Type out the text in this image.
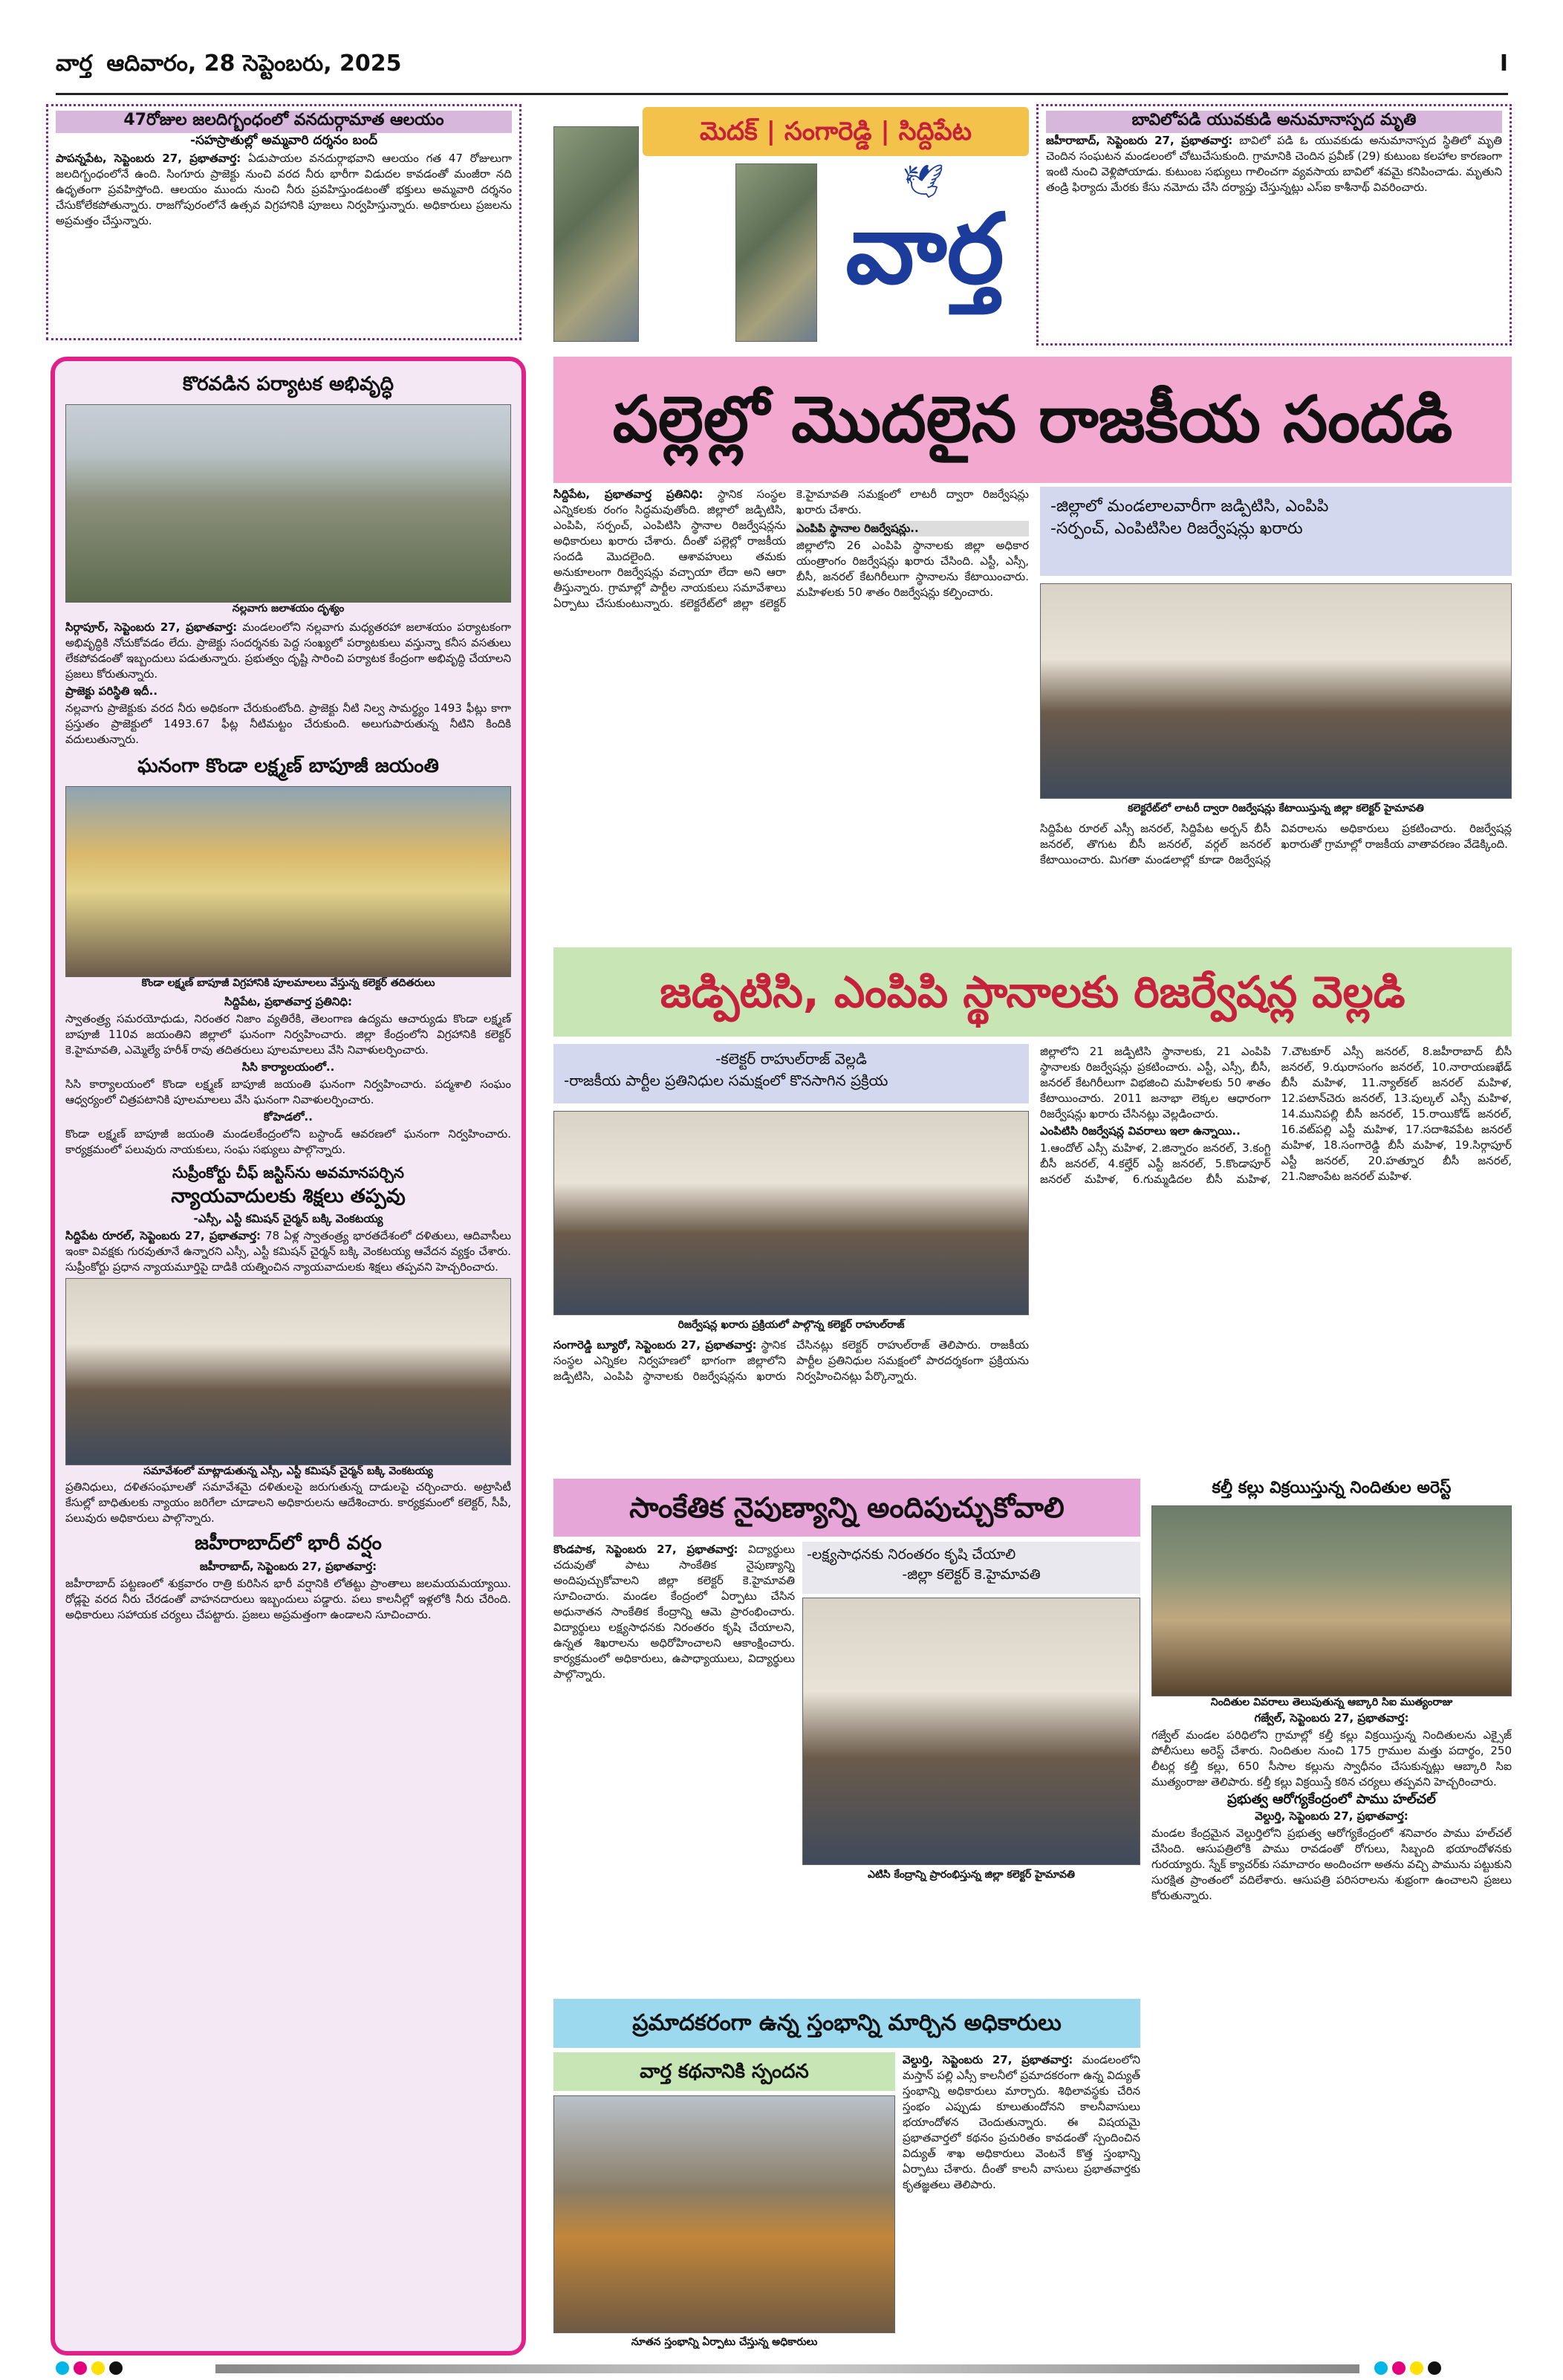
వార్త ఆదివారం, 28 సెప్టెంబరు, 2025	I
47రోజుల జలదిగ్బంధంలో వనదుర్గామాత ఆలయం
-సహస్రాతుల్లో అమ్మవారి దర్శనం బంద్
పాపన్నపేట, సెప్టెంబరు 27, ప్రభాతవార్త: ఏడుపాయల వనదుర్గాభవాని ఆలయం గత 47 రోజులుగా జలదిగ్బంధంలోనే ఉంది. సింగూరు ప్రాజెక్టు నుంచి వరద నీరు భారీగా విడుదల కావడంతో మంజీరా నది ఉధృతంగా ప్రవహిస్తోంది. ఆలయం ముందు నుంచి నీరు ప్రవహిస్తుండటంతో భక్తులు అమ్మవారి దర్శనం చేసుకోలేకపోతున్నారు. రాజగోపురంలోనే ఉత్సవ విగ్రహానికి పూజలు నిర్వహిస్తున్నారు. అధికారులు ప్రజలను అప్రమత్తం చేస్తున్నారు.
మెదక్ | సంగారెడ్డి | సిద్దిపేట
వార్త
🕊
బావిలోపడి యువకుడి అనుమానాస్పద మృతి
జహీరాబాద్, సెప్టెంబరు 27, ప్రభాతవార్త: బావిలో పడి ఓ యువకుడు అనుమానాస్పద స్థితిలో మృతి చెందిన సంఘటన మండలంలో చోటుచేసుకుంది. గ్రామానికి చెందిన ప్రవీణ్ (29) కుటుంబ కలహాల కారణంగా ఇంటి నుంచి వెళ్లిపోయాడు. కుటుంబ సభ్యులు గాలించగా వ్యవసాయ బావిలో శవమై కనిపించాడు. మృతుని తండ్రి ఫిర్యాదు మేరకు కేసు నమోదు చేసి దర్యాప్తు చేస్తున్నట్లు ఎస్ఐ కాశీనాథ్ వివరించారు.
కొరవడిన పర్యాటక అభివృద్ధి
నల్లవాగు జలాశయం దృశ్యం

సిర్గాపూర్, సెప్టెంబరు 27, ప్రభాతవార్త: మండలంలోని నల్లవాగు మధ్యతరహా జలాశయం పర్యాటకంగా అభివృద్ధికి నోచుకోవడం లేదు. ప్రాజెక్టు సందర్శనకు పెద్ద సంఖ్యలో పర్యాటకులు వస్తున్నా కనీస వసతులు లేకపోవడంతో ఇబ్బందులు పడుతున్నారు. ప్రభుత్వం దృష్టి సారించి పర్యాటక కేంద్రంగా అభివృద్ధి చేయాలని ప్రజలు కోరుతున్నారు.

ప్రాజెక్టు పరిస్థితి ఇదీ..

నల్లవాగు ప్రాజెక్టుకు వరద నీరు అధికంగా చేరుకుంటోంది. ప్రాజెక్టు నీటి నిల్వ సామర్థ్యం 1493 ఫీట్లు కాగా ప్రస్తుతం ప్రాజెక్టులో 1493.67 ఫీట్ల నీటిమట్టం చేరుకుంది. అలుగుపారుతున్న నీటిని కిందికి వదులుతున్నారు.

ఘనంగా కొండా లక్ష్మణ్ బాపూజీ జయంతి
కొండా లక్ష్మణ్ బాపూజీ విగ్రహానికి పూలమాలలు వేస్తున్న కలెక్టర్ తదితరులు

సిద్దిపేట, ప్రభాతవార్త ప్రతినిధి:

స్వాతంత్ర్య సమరయోధుడు, నిరంతర నిజాం వ్యతిరేకి, తెలంగాణ ఉద్యమ ఆచార్యుడు కొండా లక్ష్మణ్ బాపూజీ 110వ జయంతిని జిల్లాలో ఘనంగా నిర్వహించారు. జిల్లా కేంద్రంలోని విగ్రహానికి కలెక్టర్ కె.హైమావతి, ఎమ్మెల్యే హరీశ్ రావు తదితరులు పూలమాలలు వేసి నివాళులర్పించారు.

సిసి కార్యాలయంలో..

సిసి కార్యాలయంలో కొండా లక్ష్మణ్ బాపూజీ జయంతి ఘనంగా నిర్వహించారు. పద్మశాలి సంఘం ఆధ్వర్యంలో చిత్రపటానికి పూలమాలలు వేసి ఘనంగా నివాళులర్పించారు.

కోహెడలో..

కొండా లక్ష్మణ్ బాపూజీ జయంతి మండలకేంద్రంలోని బస్టాండ్ ఆవరణలో ఘనంగా నిర్వహించారు. కార్యక్రమంలో పలువురు నాయకులు, సంఘ సభ్యులు పాల్గొన్నారు.

సుప్రీంకోర్టు చీఫ్ జస్టిస్‌ను అవమానపర్చిన
న్యాయవాదులకు శిక్షలు తప్పవు
-ఎస్సీ, ఎస్టీ కమిషన్ చైర్మన్ బక్కి వెంకటయ్య

సిద్దిపేట రూరల్, సెప్టెంబరు 27, ప్రభాతవార్త: 78 ఏళ్ల స్వాతంత్ర్య భారతదేశంలో దళితులు, ఆదివాసీలు ఇంకా వివక్షకు గురవుతూనే ఉన్నారని ఎస్సీ, ఎస్టీ కమిషన్ చైర్మన్ బక్కి వెంకటయ్య ఆవేదన వ్యక్తం చేశారు. సుప్రీంకోర్టు ప్రధాన న్యాయమూర్తిపై దాడికి యత్నించిన న్యాయవాదులకు శిక్షలు తప్పవని హెచ్చరించారు.

సమావేశంలో మాట్లాడుతున్న ఎస్సీ, ఎస్టీ కమిషన్ చైర్మన్ బక్కి వెంకటయ్య

ప్రతినిధులు, దళితసంఘాలతో సమావేశమై దళితులపై జరుగుతున్న దాడులపై చర్చించారు. అట్రాసిటీ కేసుల్లో బాధితులకు న్యాయం జరిగేలా చూడాలని అధికారులను ఆదేశించారు. కార్యక్రమంలో కలెక్టర్, సీపీ, పలువురు అధికారులు పాల్గొన్నారు.

జహీరాబాద్‌లో భారీ వర్షం

జహీరాబాద్, సెప్టెంబరు 27, ప్రభాతవార్త:

జహీరాబాద్ పట్టణంలో శుక్రవారం రాత్రి కురిసిన భారీ వర్షానికి లోతట్టు ప్రాంతాలు జలమయమయ్యాయి. రోడ్లపై వరద నీరు చేరడంతో వాహనదారులు ఇబ్బందులు పడ్డారు. పలు కాలనీల్లో ఇళ్లలోకి నీరు చేరింది. అధికారులు సహాయక చర్యలు చేపట్టారు. ప్రజలు అప్రమత్తంగా ఉండాలని సూచించారు.

పల్లెల్లో మొదలైన రాజకీయ సందడి
సిద్దిపేట, ప్రభాతవార్త ప్రతినిధి: స్థానిక సంస్థల ఎన్నికలకు రంగం సిద్ధమవుతోంది. జిల్లాలో జడ్పిటిసి, ఎంపిపి, సర్పంచ్, ఎంపిటిసి స్థానాల రిజర్వేషన్లను అధికారులు ఖరారు చేశారు. దీంతో పల్లెల్లో రాజకీయ సందడి మొదలైంది. ఆశావహులు తమకు అనుకూలంగా రిజర్వేషన్లు వచ్చాయా లేదా అని ఆరా తీస్తున్నారు. గ్రామాల్లో పార్టీల నాయకులు సమావేశాలు ఏర్పాటు చేసుకుంటున్నారు. కలెక్టరేట్‌లో జిల్లా కలెక్టర్ కె.హైమావతి సమక్షంలో లాటరీ ద్వారా రిజర్వేషన్లు ఖరారు చేశారు.

ఎంపిపి స్థానాల రిజర్వేషన్లు..

జిల్లాలోని 26 ఎంపిపి స్థానాలకు జిల్లా అధికార యంత్రాంగం రిజర్వేషన్లు ఖరారు చేసింది. ఎస్టీ, ఎస్సీ, బీసీ, జనరల్ కేటగిరీలుగా స్థానాలను కేటాయించారు. మహిళలకు 50 శాతం రిజర్వేషన్లు కల్పించారు.

-జిల్లాలో మండలాలవారీగా జడ్పిటిసి, ఎంపిపి
-సర్పంచ్, ఎంపిటిసిల రిజర్వేషన్లు ఖరారు
కలెక్టరేట్‌లో లాటరీ ద్వారా రిజర్వేషన్లు కేటాయిస్తున్న జిల్లా కలెక్టర్ హైమావతి
సిద్దిపేట రూరల్ ఎస్సీ జనరల్, సిద్దిపేట అర్బన్ బీసీ జనరల్, తొగుట బీసీ జనరల్, వర్గల్ జనరల్ కేటాయించారు. మిగతా మండలాల్లో కూడా రిజర్వేషన్ల వివరాలను అధికారులు ప్రకటించారు. రిజర్వేషన్ల ఖరారుతో గ్రామాల్లో రాజకీయ వాతావరణం వేడెక్కింది.
జడ్పిటిసి, ఎంపిపి స్థానాలకు రిజర్వేషన్ల వెల్లడి
-కలెక్టర్ రాహుల్‌రాజ్ వెల్లడి
-రాజకీయ పార్టీల ప్రతినిధుల సమక్షంలో కొనసాగిన ప్రక్రియ
రిజర్వేషన్ల ఖరారు ప్రక్రియలో పాల్గొన్న కలెక్టర్ రాహుల్‌రాజ్
సంగారెడ్డి బ్యూరో, సెప్టెంబరు 27, ప్రభాతవార్త: స్థానిక సంస్థల ఎన్నికల నిర్వహణలో భాగంగా జిల్లాలోని జడ్పిటిసి, ఎంపిపి స్థానాలకు రిజర్వేషన్లను ఖరారు చేసినట్లు కలెక్టర్ రాహుల్‌రాజ్ తెలిపారు. రాజకీయ పార్టీల ప్రతినిధుల సమక్షంలో పారదర్శకంగా ప్రక్రియను నిర్వహించినట్లు పేర్కొన్నారు.

జిల్లాలోని 21 జడ్పిటిసి స్థానాలకు, 21 ఎంపిపి స్థానాలకు రిజర్వేషన్లు ప్రకటించారు. ఎస్టీ, ఎస్సీ, బీసీ, జనరల్ కేటగిరీలుగా విభజించి మహిళలకు 50 శాతం కేటాయించారు. 2011 జనాభా లెక్కల ఆధారంగా రిజర్వేషన్లు ఖరారు చేసినట్లు వెల్లడించారు.

ఎంపిటిసి రిజర్వేషన్ల వివరాలు ఇలా ఉన్నాయి..

1.ఆందోల్ ఎస్సీ మహిళ, 2.జిన్నారం జనరల్, 3.కంగ్టి బీసీ జనరల్, 4.కల్హేర్ ఎస్టీ జనరల్, 5.కొండాపూర్ జనరల్ మహిళ, 6.గుమ్మడిదల బీసీ మహిళ, 7.చౌటకూర్ ఎస్సీ జనరల్, 8.జహీరాబాద్ బీసీ జనరల్, 9.ఝరాసంగం జనరల్, 10.నారాయణఖేడ్ బీసీ మహిళ, 11.న్యాల్‌కల్ జనరల్ మహిళ, 12.పటాన్‌చెరు జనరల్, 13.పుల్కల్ ఎస్సీ మహిళ, 14.మునిపల్లి బీసీ జనరల్, 15.రాయికోడ్ జనరల్, 16.వట్‌పల్లి ఎస్టీ మహిళ, 17.సదాశివపేట జనరల్ మహిళ, 18.సంగారెడ్డి బీసీ మహిళ, 19.సిర్గాపూర్ ఎస్టీ జనరల్, 20.హత్నూర బీసీ జనరల్, 21.నిజాంపేట జనరల్ మహిళ.

సాంకేతిక నైపుణ్యాన్ని అందిపుచ్చుకోవాలి
-లక్ష్యసాధనకు నిరంతరం కృషి చేయాలి
-జిల్లా కలెక్టర్ కె.హైమావతి
కొండపాక, సెప్టెంబరు 27, ప్రభాతవార్త: విద్యార్థులు చదువుతో పాటు సాంకేతిక నైపుణ్యాన్ని అందిపుచ్చుకోవాలని జిల్లా కలెక్టర్ కె.హైమావతి సూచించారు. మండల కేంద్రంలో ఏర్పాటు చేసిన అధునాతన సాంకేతిక కేంద్రాన్ని ఆమె ప్రారంభించారు. విద్యార్థులు లక్ష్యసాధనకు నిరంతరం కృషి చేయాలని, ఉన్నత శిఖరాలను అధిరోహించాలని ఆకాంక్షించారు. కార్యక్రమంలో అధికారులు, ఉపాధ్యాయులు, విద్యార్థులు పాల్గొన్నారు.
ఎటిసి కేంద్రాన్ని ప్రారంభిస్తున్న జిల్లా కలెక్టర్ హైమావతి
కల్తీ కల్లు విక్రయిస్తున్న నిందితుల అరెస్ట్
నిందితుల వివరాలు తెలుపుతున్న ఆబ్కారి సిఐ ముత్యంరాజు

గజ్వేల్, సెప్టెంబరు 27, ప్రభాతవార్త:

గజ్వేల్ మండల పరిధిలోని గ్రామాల్లో కల్తీ కల్లు విక్రయిస్తున్న నిందితులను ఎక్సైజ్ పోలీసులు అరెస్ట్ చేశారు. నిందితుల నుంచి 175 గ్రాముల మత్తు పదార్థం, 250 లీటర్ల కల్తీ కల్లు, 650 సీసాల కల్లును స్వాధీనం చేసుకున్నట్లు ఆబ్కారి సిఐ ముత్యంరాజు తెలిపారు. కల్తీ కల్లు విక్రయిస్తే కఠిన చర్యలు తప్పవని హెచ్చరించారు.

ప్రభుత్వ ఆరోగ్యకేంద్రంలో పాము హల్‌చల్

వెల్దుర్తి, సెప్టెంబరు 27, ప్రభాతవార్త:

మండల కేంద్రమైన వెల్దుర్తిలోని ప్రభుత్వ ఆరోగ్యకేంద్రంలో శనివారం పాము హల్‌చల్ చేసింది. ఆసుపత్రిలోకి పాము రావడంతో రోగులు, సిబ్బంది భయాందోళనకు గురయ్యారు. స్నేక్ క్యాచర్‌కు సమాచారం అందించగా అతను వచ్చి పామును పట్టుకుని సురక్షిత ప్రాంతంలో వదిలేశారు. ఆసుపత్రి పరిసరాలను శుభ్రంగా ఉంచాలని ప్రజలు కోరుతున్నారు.

ప్రమాదకరంగా ఉన్న స్తంభాన్ని మార్చిన అధికారులు
వార్త కథనానికి స్పందన
నూతన స్తంభాన్ని ఏర్పాటు చేస్తున్న అధికారులు
వెల్దుర్తి, సెప్టెంబరు 27, ప్రభాతవార్త: మండలంలోని మస్తాన్ పల్లి ఎస్సీ కాలనీలో ప్రమాదకరంగా ఉన్న విద్యుత్ స్తంభాన్ని అధికారులు మార్చారు. శిథిలావస్థకు చేరిన స్తంభం ఎప్పుడు కూలుతుందోనని కాలనీవాసులు భయాందోళన చెందుతున్నారు. ఈ విషయమై ప్రభాతవార్తలో కథనం ప్రచురితం కావడంతో స్పందించిన విద్యుత్ శాఖ అధికారులు వెంటనే కొత్త స్తంభాన్ని ఏర్పాటు చేశారు. దీంతో కాలనీ వాసులు ప్రభాతవార్తకు కృతజ్ఞతలు తెలిపారు.
